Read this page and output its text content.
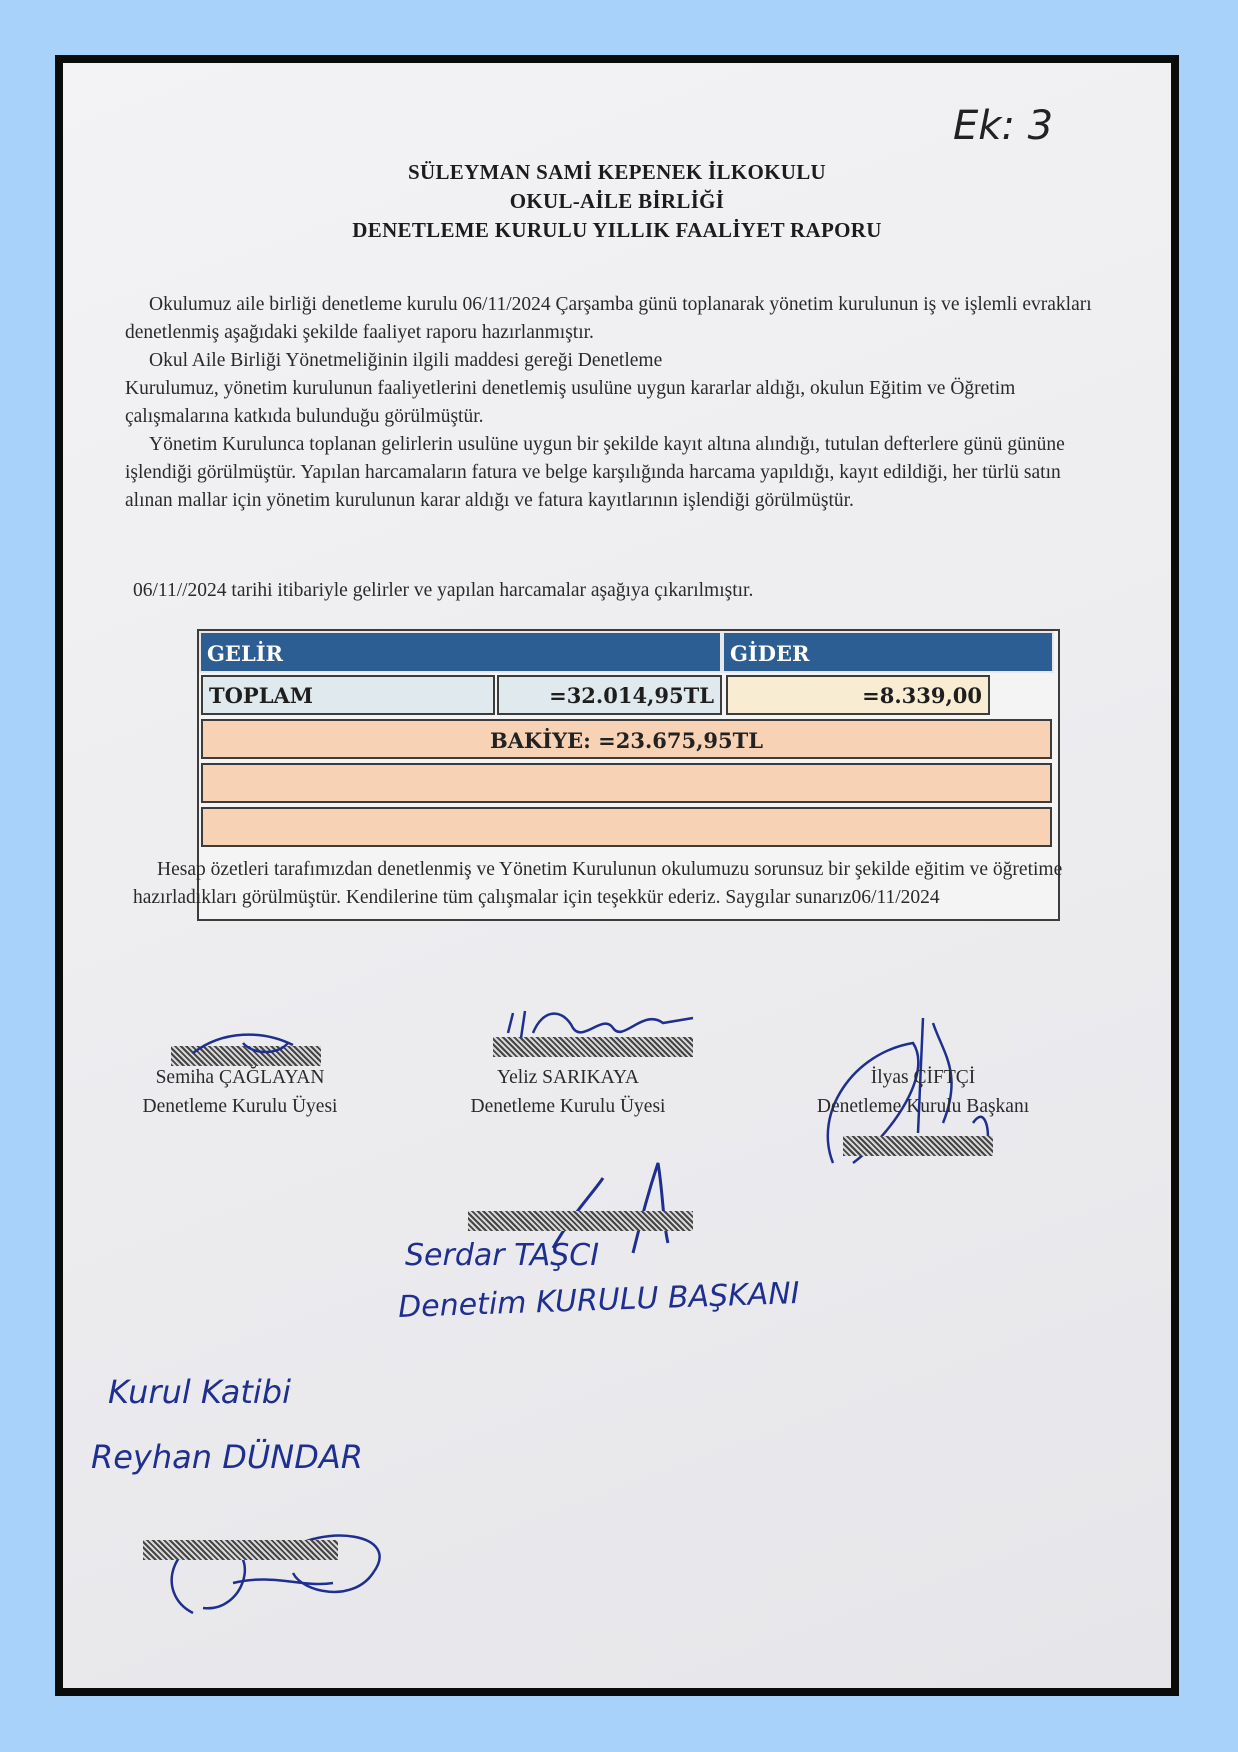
Ek: 3
SÜLEYMAN SAMİ KEPENEK İLKOKULU
OKUL-AİLE BİRLİĞİ
DENETLEME KURULU YILLIK FAALİYET RAPORU

Okulumuz aile birliği denetleme kurulu 06/11/2024 Çarşamba günü toplanarak yönetim kurulunun iş ve işlemli evrakları denetlenmiş aşağıdaki şekilde faaliyet raporu hazırlanmıştır.

Okul Aile Birliği Yönetmeliğinin ilgili maddesi gereği Denetleme

Kurulumuz, yönetim kurulunun faaliyetlerini denetlemiş usulüne uygun kararlar aldığı, okulun Eğitim ve Öğretim çalışmalarına katkıda bulunduğu görülmüştür.

Yönetim Kurulunca toplanan gelirlerin usulüne uygun bir şekilde kayıt altına alındığı, tutulan defterlere günü gününe işlendiği görülmüştür. Yapılan harcamaların fatura ve belge karşılığında harcama yapıldığı, kayıt edildiği, her türlü satın alınan mallar için yönetim kurulunun karar aldığı ve fatura kayıtlarının işlendiği görülmüştür.

06/11//2024 tarihi itibariyle gelirler ve yapılan harcamalar aşağıya çıkarılmıştır.
GELİR	GİDER
TOPLAM	=32.014,95TL	=8.339,00
BAKİYE: =23.675,95TL

Hesap özetleri tarafımızdan denetlenmiş ve Yönetim Kurulunun okulumuzu sorunsuz bir şekilde eğitim ve öğretime hazırladıkları görülmüştür. Kendilerine tüm çalışmalar için teşekkür ederiz. Saygılar sunarız06/11/2024

Semiha ÇAĞLAYAN
Denetleme Kurulu Üyesi
Yeliz SARIKAYA
Denetleme Kurulu Üyesi
İlyas ÇİFTÇİ
Denetleme Kurulu Başkanı
Serdar TAŞCI
Denetim KURULU BAŞKANI
Kurul Katibi
Reyhan DÜNDAR
